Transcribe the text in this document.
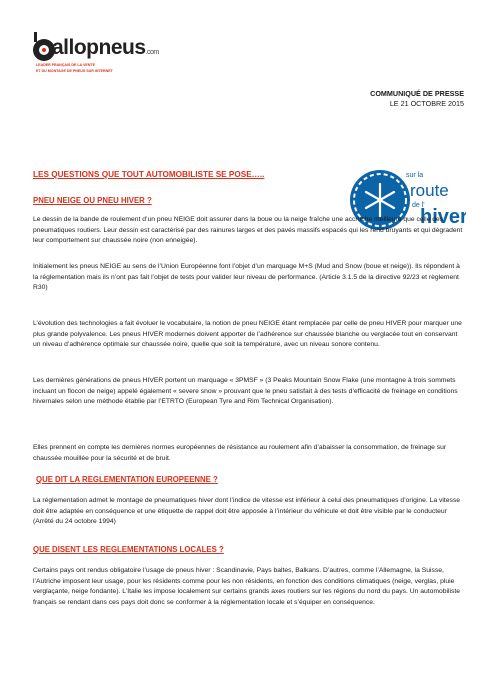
allopneus.com
LEADER FRANÇAIS DE LA VENTE
ET DU MONTAGE DE PNEUS SUR INTERNET
COMMUNIQUÉ DE PRESSE
LE 21 OCTOBRE 2015
sur la
route
de l'
hiver
LES QUESTIONS QUE TOUT AUTOMOBILISTE SE POSE…..
PNEU NEIGE OU PNEU HIVER ?
Le dessin de la bande de roulement d’un pneu NEIGE doit assurer dans la boue ou la neige fraîche une accroche meilleure que celle des pneumatiques routiers. Leur dessin est caractérisé par des rainures larges et des pavés massifs espacés qui les rend bruyants et qui dégradent leur comportement sur chaussée noire (non enneigée).
Initialement les pneus NEIGE au sens de l’Union Européenne font l’objet d’un marquage M+S (Mud and Snow (boue et neige)). Ils répondent à la réglementation mais ils n’ont pas fait l’objet de tests pour valider leur niveau de performance. (Article 3.1.5 de la directive 92/23 et règlement R30)
L’évolution des technologies a fait évoluer le vocabulaire, la notion de pneu NEIGE étant remplacée par celle de pneu HIVER pour marquer une plus grande polyvalence. Les pneus HIVER modernes doivent apporter de l’adhérence sur chaussée blanche ou verglacée tout en conservant un niveau d’adhérence optimale sur chaussée noire, quelle que soit la température, avec un niveau sonore contenu.
Les dernières générations de pneus HIVER portent un marquage « 3PMSF » (3 Peaks Mountain Snow Flake (une montagne à trois sommets incluant un flocon de neige) appelé également « severe snow » prouvant que le pneu satisfait à des tests d’efficacité de freinage en conditions hivernales selon une méthode établie par l’ETRTO (European Tyre and Rim Technical Organisation).
Elles prennent en compte les dernières normes européennes de résistance au roulement afin d’abaisser la consommation, de freinage sur chaussée mouillée pour la sécurité et de bruit.
QUE DIT LA REGLEMENTATION EUROPEENNE ?
La réglementation admet le montage de pneumatiques hiver dont l’indice de vitesse est inférieur à celui des pneumatiques d’origine. La vitesse doit être adaptée en conséquence et une étiquette de rappel doit être apposée à l’intérieur du véhicule et doit être visible par le conducteur (Arrêté du 24 octobre 1994)
QUE DISENT LES REGLEMENTATIONS LOCALES ?
Certains pays ont rendus obligatoire l’usage de pneus hiver : Scandinavie, Pays baltes, Balkans. D’autres, comme l’Allemagne, la Suisse, l’Autriche imposent leur usage, pour les résidents comme pour les non résidents, en fonction des conditions climatiques (neige, verglas, pluie verglaçante, neige fondante). L’Italie les impose localement sur certains grands axes routiers sur les régions du nord du pays. Un automobiliste français se rendant dans ces pays doit donc se conformer à la réglementation locale et s’équiper en conséquence.
